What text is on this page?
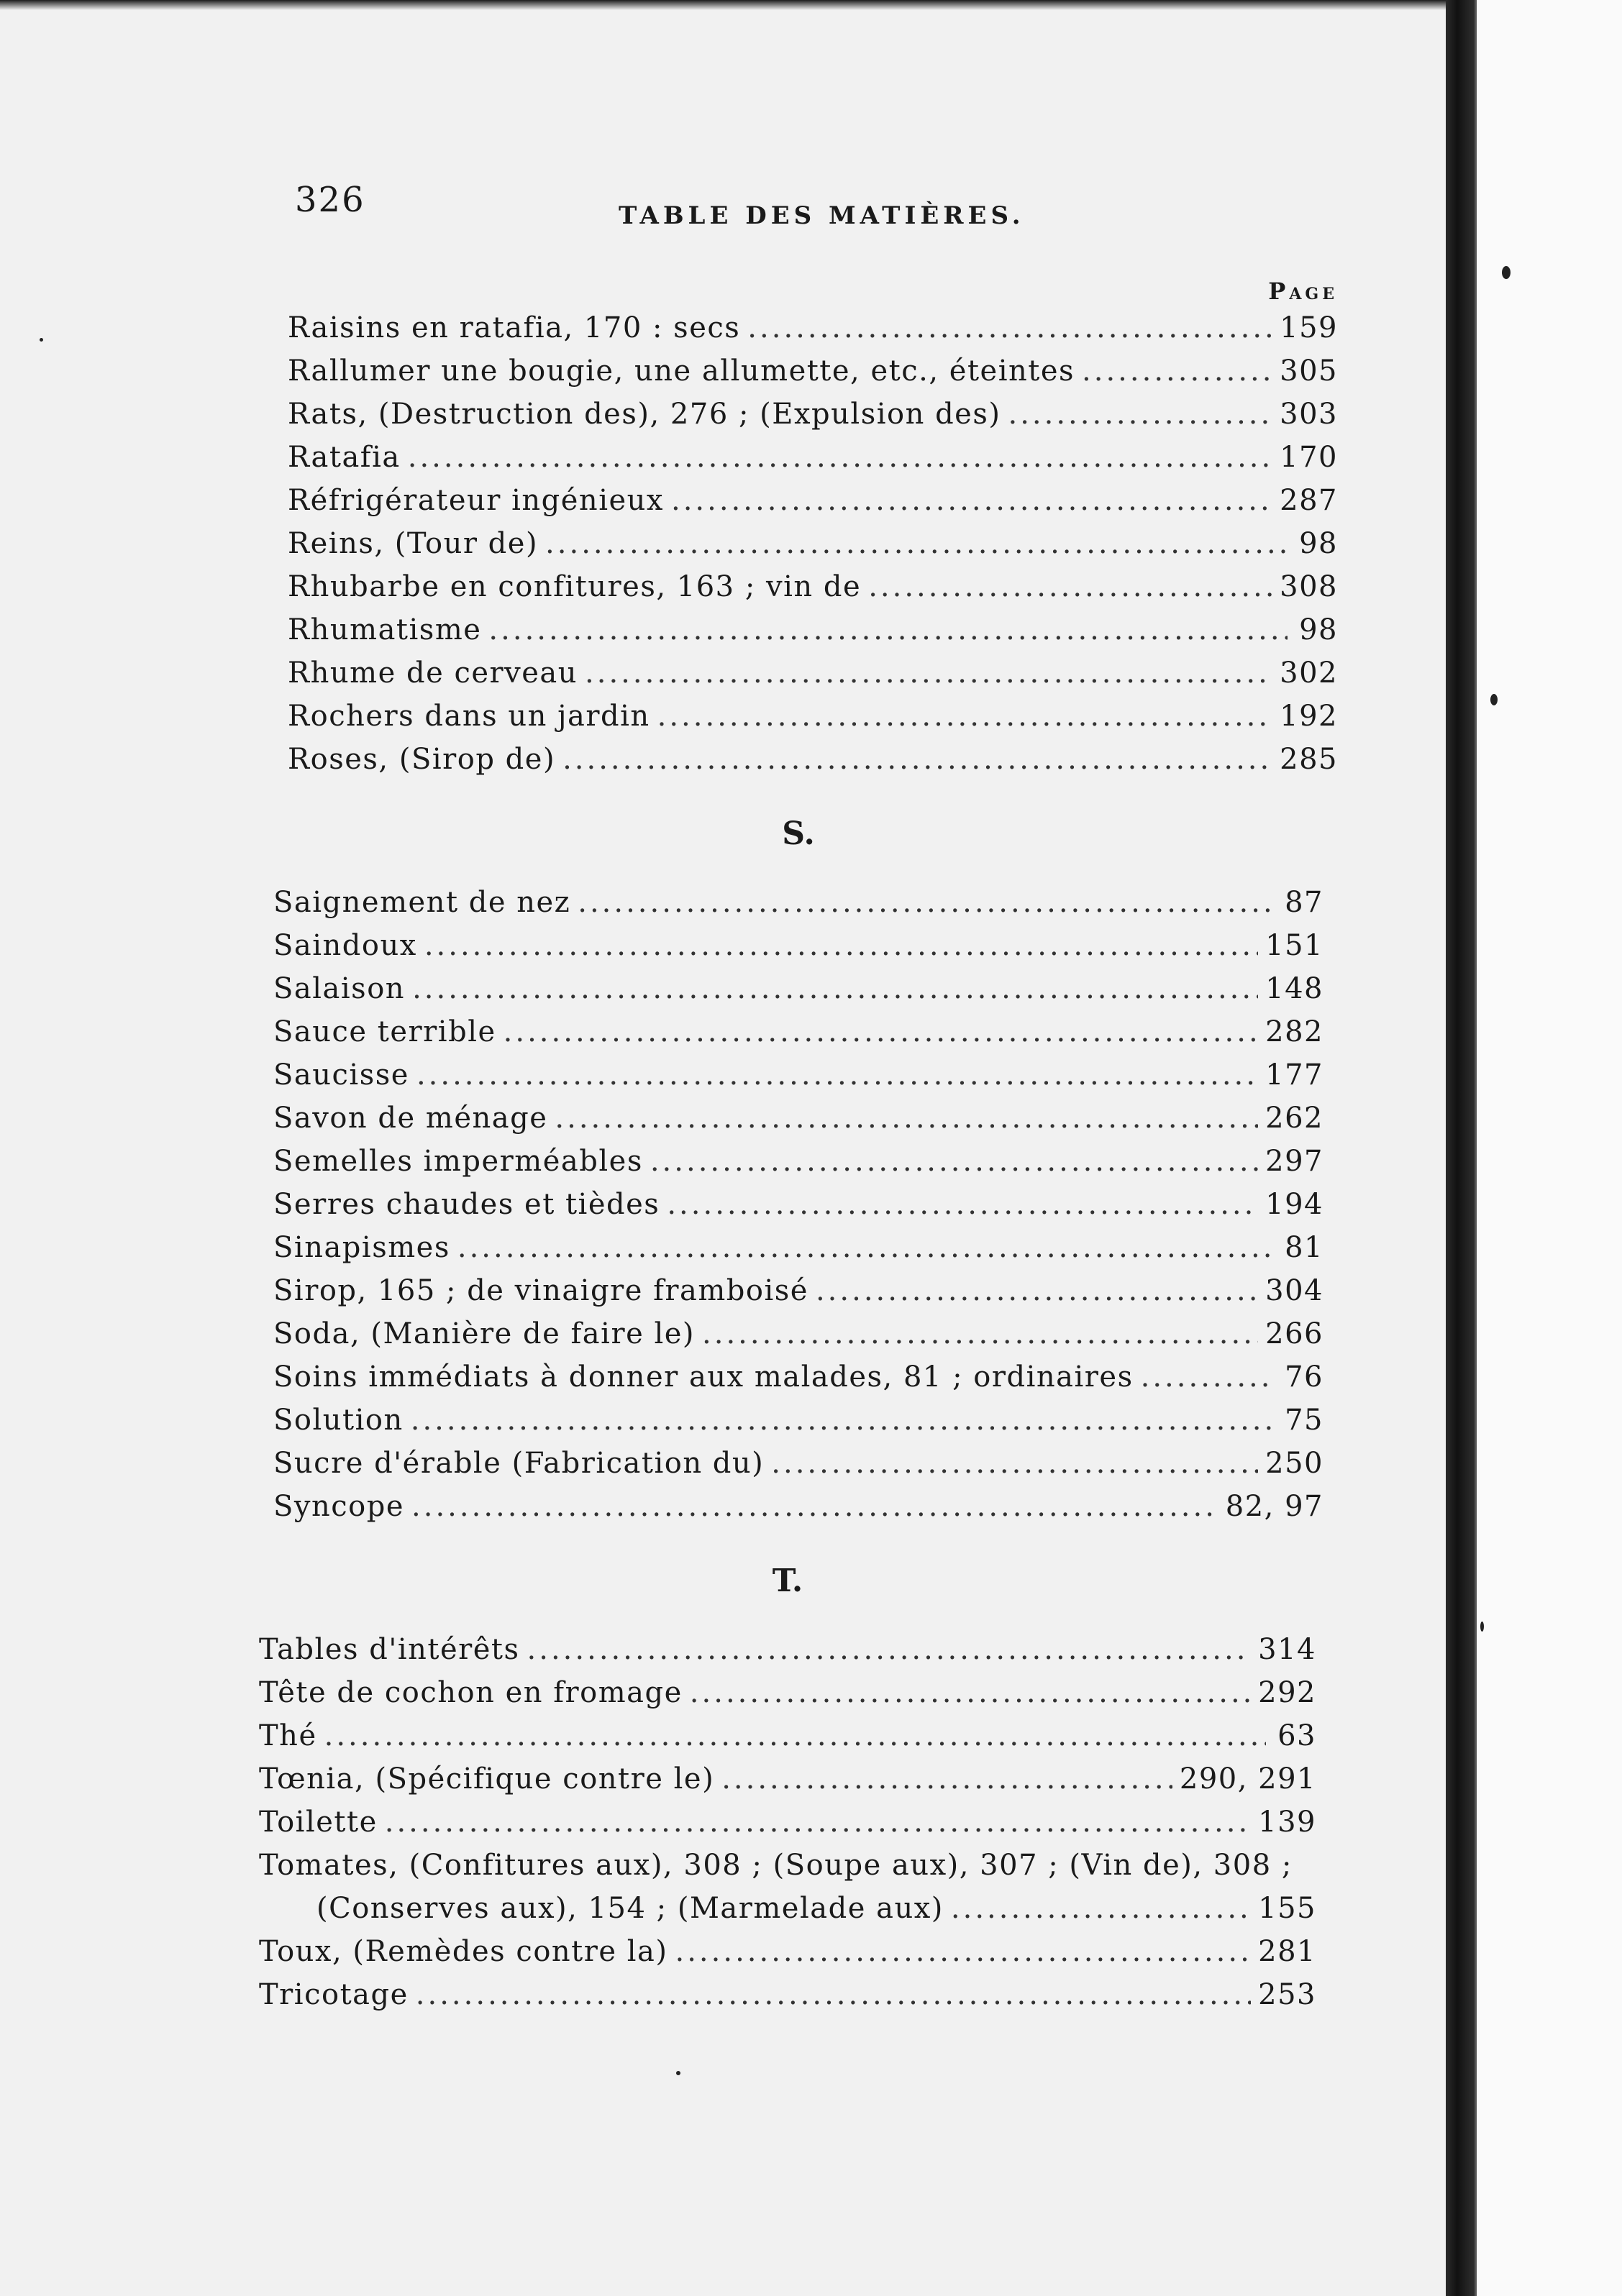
326	TABLE DES MATIÈRES.
Page
Raisins en ratafia, 170 : secs .....	159
Rallumer une bougie, une allumette, etc., éteintes .....	305
Rats, (Destruction des), 276 ; (Expulsion des) .....	303
Ratafia .....	170
Réfrigérateur ingénieux .....	287
Reins, (Tour de) .....	98
Rhubarbe en confitures, 163 ; vin de .....	308
Rhumatisme .....	98
Rhume de cerveau .....	302
Rochers dans un jardin .....	192
Roses, (Sirop de) .....	285
S.
Saignement de nez .....	87
Saindoux .....	151
Salaison .....	148
Sauce terrible .....	282
Saucisse .....	177
Savon de ménage .....	262
Semelles imperméables .....	297
Serres chaudes et tièdes .....	194
Sinapismes .....	81
Sirop, 165 ; de vinaigre framboisé .....	304
Soda, (Manière de faire le) .....	266
Soins immédiats à donner aux malades, 81 ; ordinaires .....	76
Solution .....	75
Sucre d'érable (Fabrication du) .....	250
Syncope .....	82, 97
T.
Tables d'intérêts .....	314
Tête de cochon en fromage .....	292
Thé .....	63
Tœnia, (Spécifique contre le) .....	290, 291
Toilette .....	139
Tomates, (Confitures aux), 308 ; (Soupe aux), 307 ; (Vin de), 308 ;
(Conserves aux), 154 ; (Marmelade aux) .....	155
Toux, (Remèdes contre la) .....	281
Tricotage .....	253
